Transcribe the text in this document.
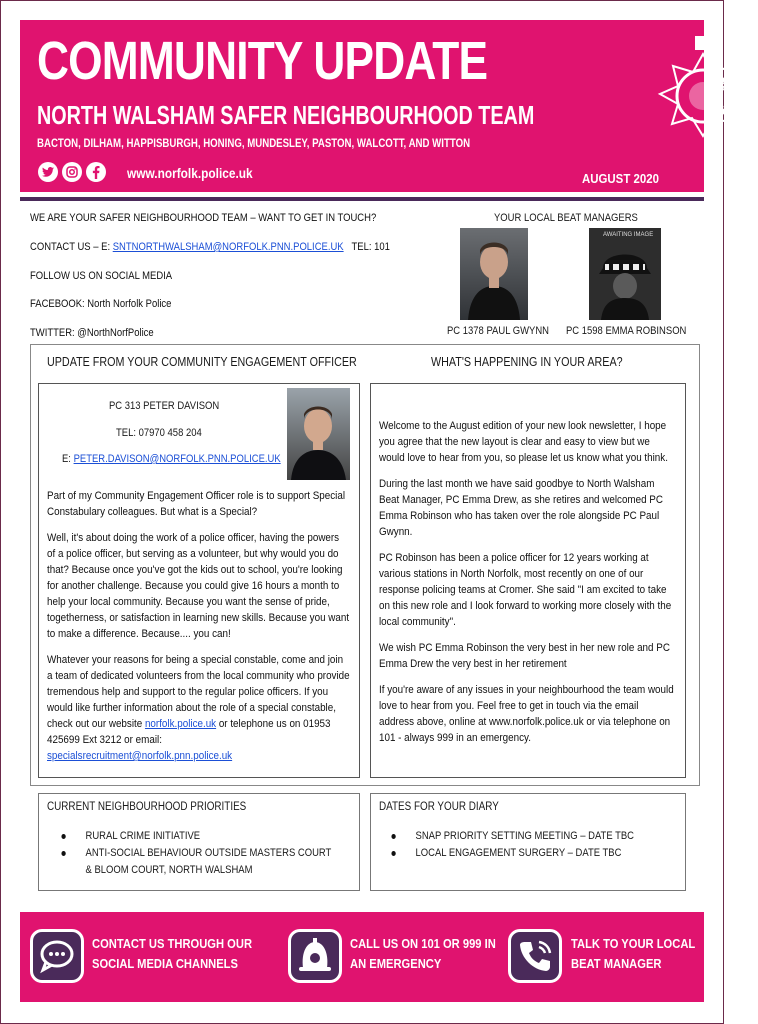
COMMUNITY UPDATE
NORTH WALSHAM SAFER NEIGHBOURHOOD TEAM
BACTON, DILHAM, HAPPISBURGH, HONING, MUNDESLEY, PASTON, WALCOTT, AND WITTON
www.norfolk.police.uk	AUGUST 2020
NOR
CONSTA
WE ARE YOUR SAFER NEIGHBOURHOOD TEAM – WANT TO GET IN TOUCH?
CONTACT US – E: SNTNORTHWALSHAM@NORFOLK.PNN.POLICE.UK TEL: 101
FOLLOW US ON SOCIAL MEDIA
FACEBOOK: North Norfolk Police
TWITTER: @NorthNorfPolice
YOUR LOCAL BEAT MANAGERS
AWAITING IMAGE
PC 1378 PAUL GWYNN PC 1598 EMMA ROBINSON
UPDATE FROM YOUR COMMUNITY ENGAGEMENT OFFICER	WHAT'S HAPPENING IN YOUR AREA?
PC 313 PETER DAVISON
TEL: 07970 458 204
E: PETER.DAVISON@NORFOLK.PNN.POLICE.UK

Part of my Community Engagement Officer role is to support Special Constabulary colleagues. But what is a Special?

Well, it's about doing the work of a police officer, having the powers of a police officer, but serving as a volunteer, but why would you do that? Because once you've got the kids out to school, you're looking for another challenge. Because you could give 16 hours a month to help your local community. Because you want the sense of pride, togetherness, or satisfaction in learning new skills. Because you want to make a difference. Because.... you can!

Whatever your reasons for being a special constable, come and join a team of dedicated volunteers from the local community who provide tremendous help and support to the regular police officers. If you would like further information about the role of a special constable, check out our website norfolk.police.uk or telephone us on 01953 425699 Ext 3212 or email: specialsrecruitment@norfolk.pnn.police.uk

Welcome to the August edition of your new look newsletter, I hope you agree that the new layout is clear and easy to view but we would love to hear from you, so please let us know what you think.

During the last month we have said goodbye to North Walsham Beat Manager, PC Emma Drew, as she retires and welcomed PC Emma Robinson who has taken over the role alongside PC Paul Gwynn.

PC Robinson has been a police officer for 12 years working at various stations in North Norfolk, most recently on one of our response policing teams at Cromer. She said "I am excited to take on this new role and I look forward to working more closely with the local community".

We wish PC Emma Robinson the very best in her new role and PC Emma Drew the very best in her retirement

If you're aware of any issues in your neighbourhood the team would love to hear from you. Feel free to get in touch via the email address above, online at www.norfolk.police.uk or via telephone on 101 - always 999 in an emergency.

CURRENT NEIGHBOURHOOD PRIORITIES
RURAL CRIME INITIATIVE
ANTI-SOCIAL BEHAVIOUR OUTSIDE MASTERS COURT & BLOOM COURT, NORTH WALSHAM
DATES FOR YOUR DIARY
SNAP PRIORITY SETTING MEETING – DATE TBC
LOCAL ENGAGEMENT SURGERY – DATE TBC
CONTACT US THROUGH OUR
SOCIAL MEDIA CHANNELS
CALL US ON 101 OR 999 IN
AN EMERGENCY
TALK TO YOUR LOCAL
BEAT MANAGER
